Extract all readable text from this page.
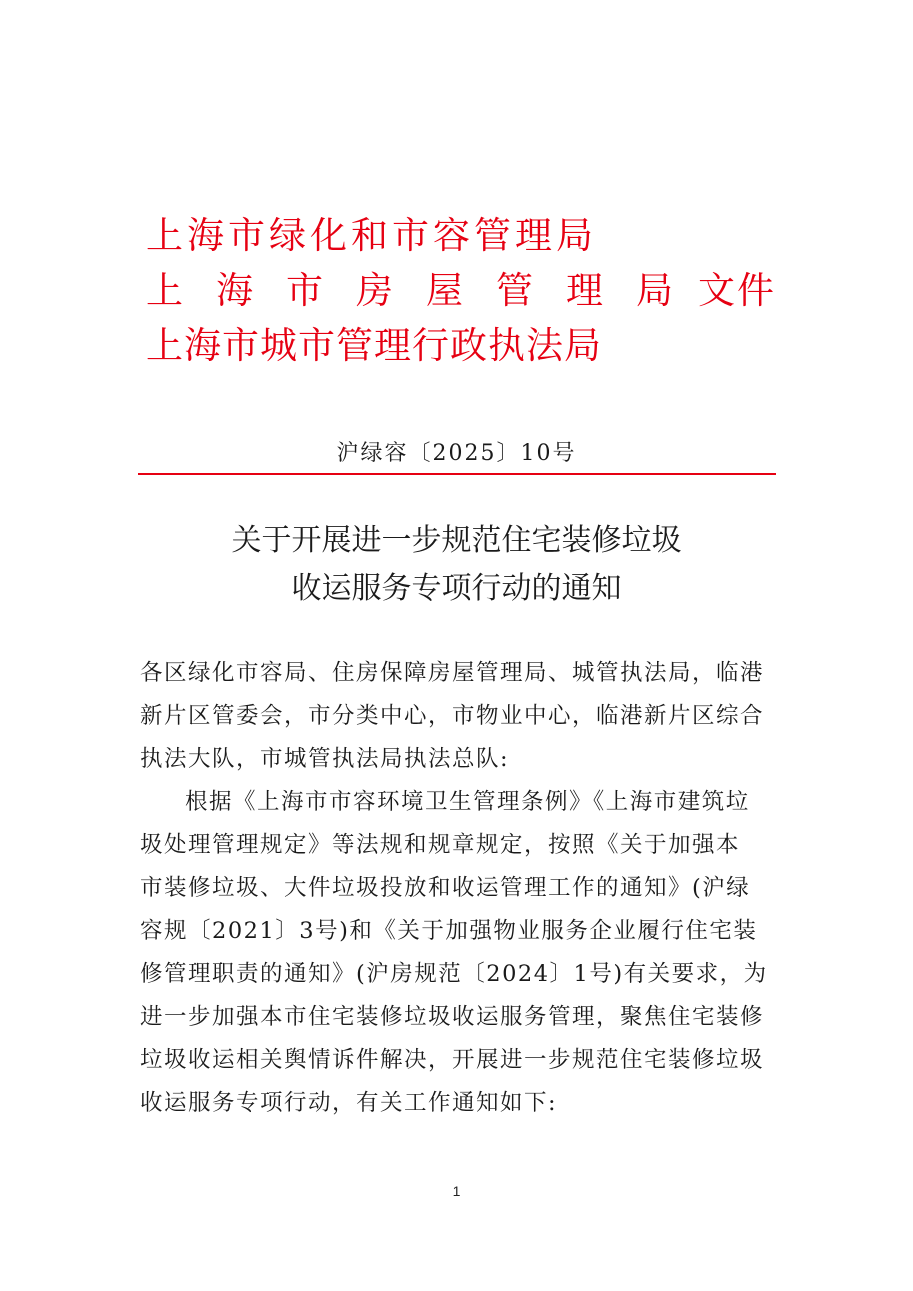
上海市绿化和市容管理局
上海市房屋管理局
文件
上海市城市管理行政执法局
沪绿容〔2025〕10号
关于开展进一步规范住宅装修垃圾
收运服务专项行动的通知
各区绿化市容局、住房保障房屋管理局、城管执法局，临港
新片区管委会，市分类中心，市物业中心，临港新片区综合
执法大队，市城管执法局执法总队:
根据《上海市市容环境卫生管理条例》《上海市建筑垃
圾处理管理规定》等法规和规章规定，按照《关于加强本
市装修垃圾、大件垃圾投放和收运管理工作的通知》(沪绿
容规〔2021〕3号)和《关于加强物业服务企业履行住宅装
修管理职责的通知》(沪房规范〔2024〕1号)有关要求，为
进一步加强本市住宅装修垃圾收运服务管理，聚焦住宅装修
垃圾收运相关舆情诉件解决，开展进一步规范住宅装修垃圾
收运服务专项行动，有关工作通知如下:
1
